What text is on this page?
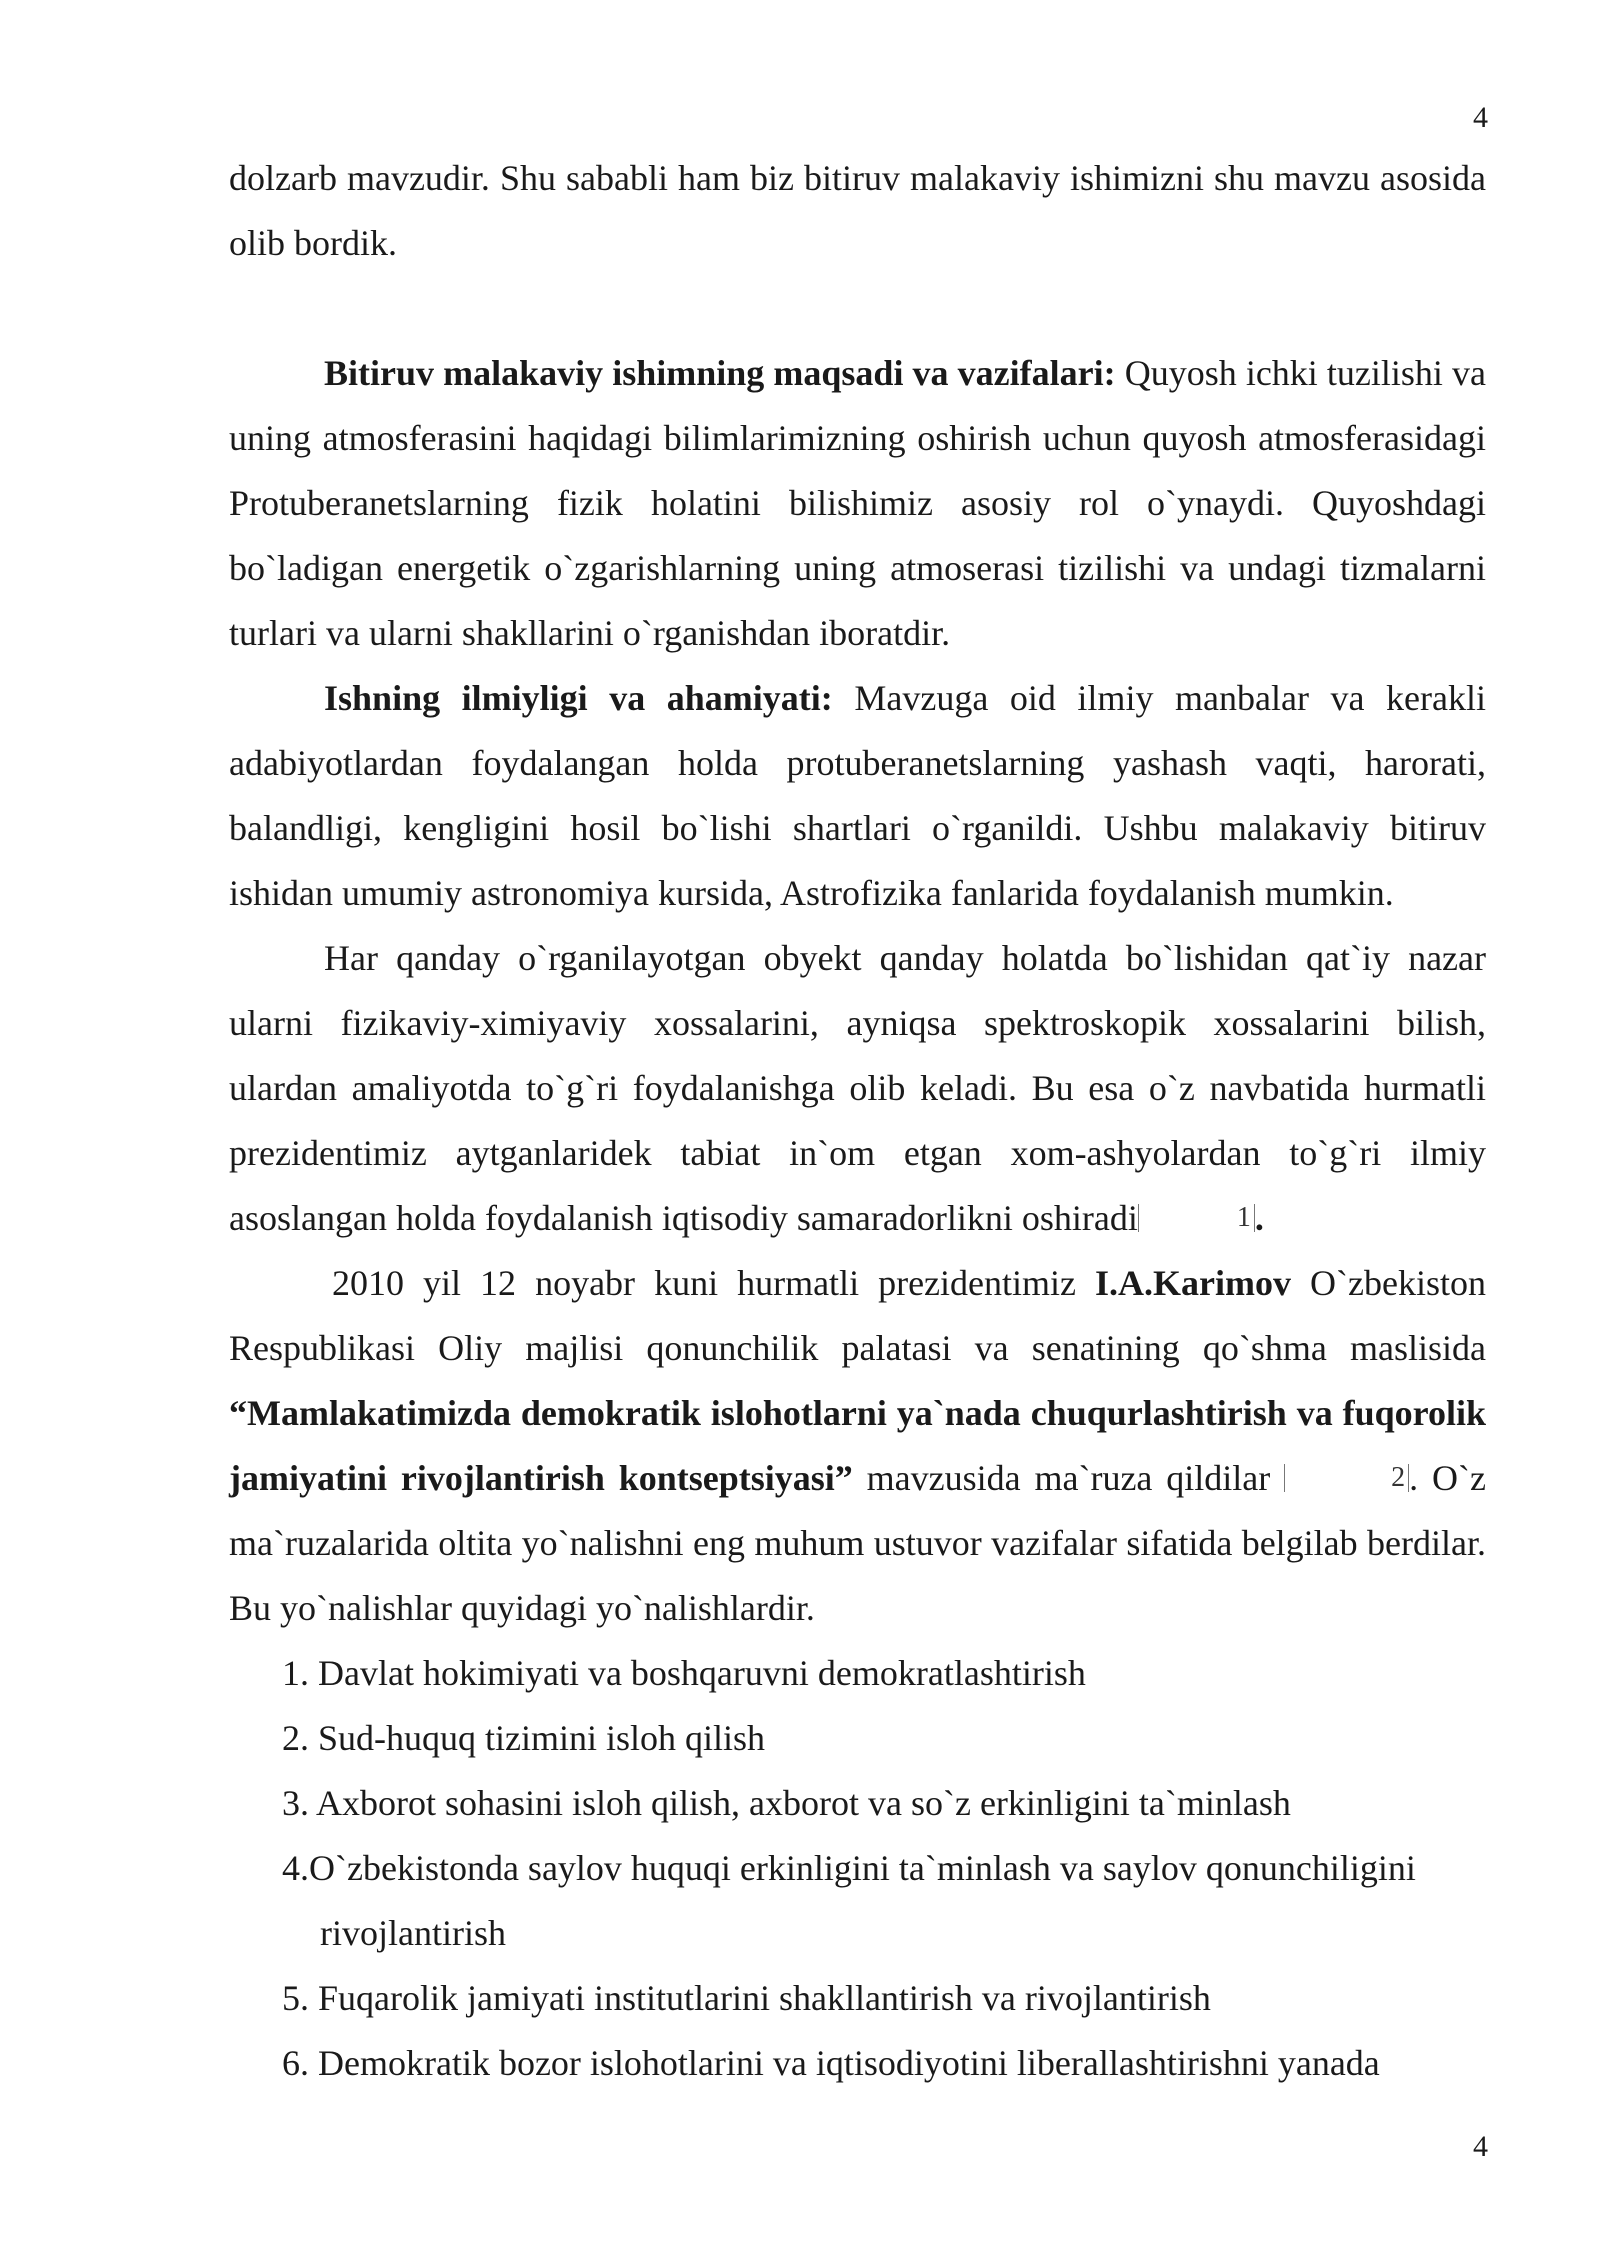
4

dolzarb mavzudir. Shu sababli ham biz bitiruv malakaviy ishimizni shu mavzu asosida olib bordik.

Bitiruv malakaviy ishimning maqsadi va vazifalari: Quyosh ichki tuzilishi va uning atmosferasini haqidagi bilimlarimizning oshirish uchun quyosh atmosferasidagi Protuberanetslarning fizik holatini bilishimiz asosiy rol o`ynaydi. Quyoshdagi bo`ladigan energetik o`zgarishlarning uning atmoserasi tizilishi va undagi tizmalarni turlari va ularni shakllarini o`rganishdan iboratdir.

Ishning ilmiyligi va ahamiyati: Mavzuga oid ilmiy manbalar va kerakli adabiyotlardan foydalangan holda protuberanetslarning yashash vaqti, harorati, balandligi, kengligini hosil bo`lishi shartlari o`rganildi. Ushbu malakaviy bitiruv ishidan umumiy astronomiya kursida, Astrofizika fanlarida foydalanish mumkin.

Har qanday o`rganilayotgan obyekt qanday holatda bo`lishidan qat`iy nazar ularni fizikaviy-ximiyaviy xossalarini, ayniqsa spektroskopik xossalarini bilish, ulardan amaliyotda to`g`ri foydalanishga olib keladi. Bu esa o`z navbatida hurmatli prezidentimiz aytganlaridek tabiat in`om etgan xom-ashyolardan to`g`ri ilmiy asoslangan holda foydalanish iqtisodiy samaradorlikni oshiradi	1 .

2010 yil 12 noyabr kuni hurmatli prezidentimiz I.A.Karimov O`zbekiston Respublikasi Oliy majlisi qonunchilik palatasi va senatining qo`shma maslisida “Mamlakatimizda demokratik islohotlarni ya`nada chuqurlashtirish va fuqorolik jamiyatini rivojlantirish kontseptsiyasi” mavzusida ma`ruza qildilar	2 . O`z ma`ruzalarida oltita yo`nalishni eng muhum ustuvor vazifalar sifatida belgilab berdilar. Bu yo`nalishlar quyidagi yo`nalishlardir.

1. Davlat hokimiyati va boshqaruvni demokratlashtirish
2. Sud-huquq tizimini isloh qilish
3. Axborot sohasini isloh qilish, axborot va so`z erkinligini ta`minlash
4.O`zbekistonda saylov huquqi erkinligini ta`minlash va saylov qonunchiligini rivojlantirish
5. Fuqarolik jamiyati institutlarini shakllantirish va rivojlantirish
6. Demokratik bozor islohotlarini va iqtisodiyotini liberallashtirishni yanada
4
